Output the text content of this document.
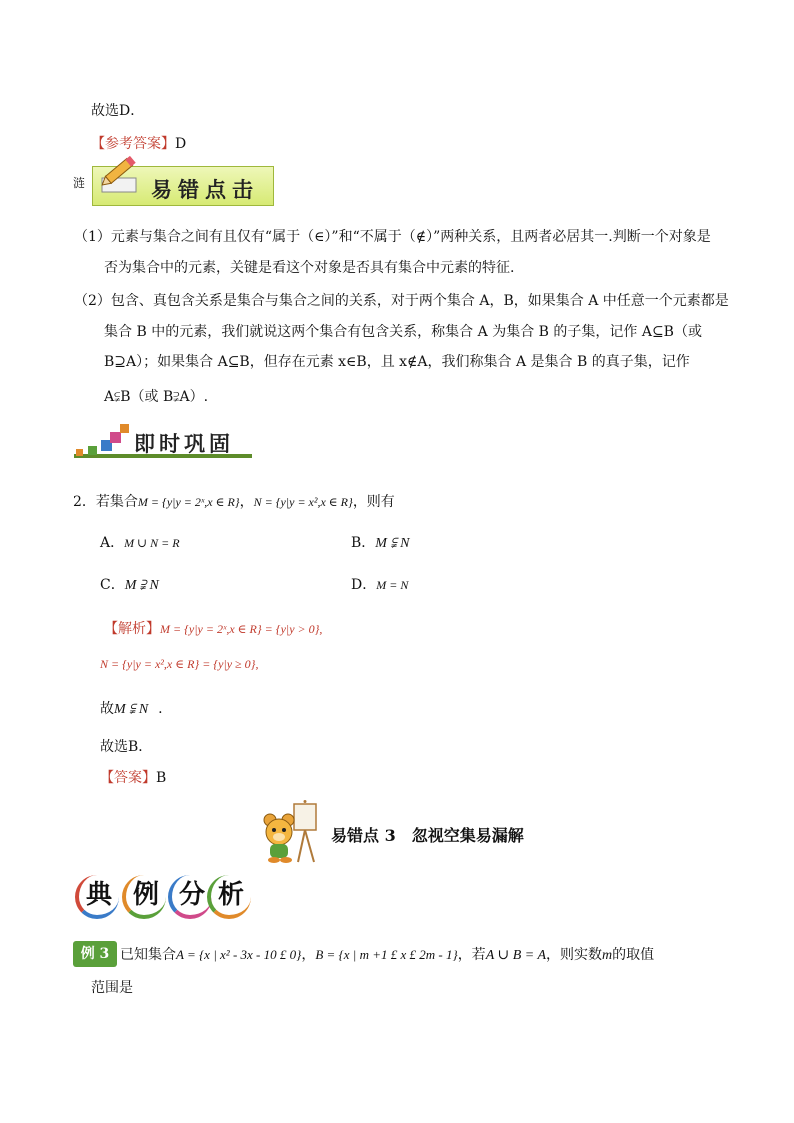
故选D．
【参考答案】D
涟	易错点击
（1）元素与集合之间有且仅有“属于（∈）”和“不属于（∉）”两种关系，且两者必居其一.判断一个对象是
否为集合中的元素，关键是看这个对象是否具有集合中元素的特征.
（2）包含、真包含关系是集合与集合之间的关系，对于两个集合 A，B，如果集合 A 中任意一个元素都是
集合 B 中的元素，我们就说这两个集合有包含关系，称集合 A 为集合 B 的子集，记作 A⊆B（或
B⊇A）；如果集合 A⊆B，但存在元素 x∈B，且 x∉A，我们称集合 A 是集合 B 的真子集，记作
A⫋B（或 B⫌A）.
即时巩固
2．若集合M = {y|y = 2ˣ,x ∈ R}，N = {y|y = x²,x ∈ R}，则有
A．M ∪ N = R	B．M ⫋ N
C．M ⫌ N	D．M = N
【解析】M = {y|y = 2ˣ,x ∈ R} = {y|y > 0},
N = {y|y = x²,x ∈ R} = {y|y ≥ 0},
故M ⫋ N .
故选B．
【答案】B
易错点 3　忽视空集易漏解
典 例 分 析
例 3 已知集合A = {x | x² - 3x - 10 £ 0}，B = {x | m +1 £ x £ 2m - 1}，若A ∪ B = A，则实数m的取值
范围是
